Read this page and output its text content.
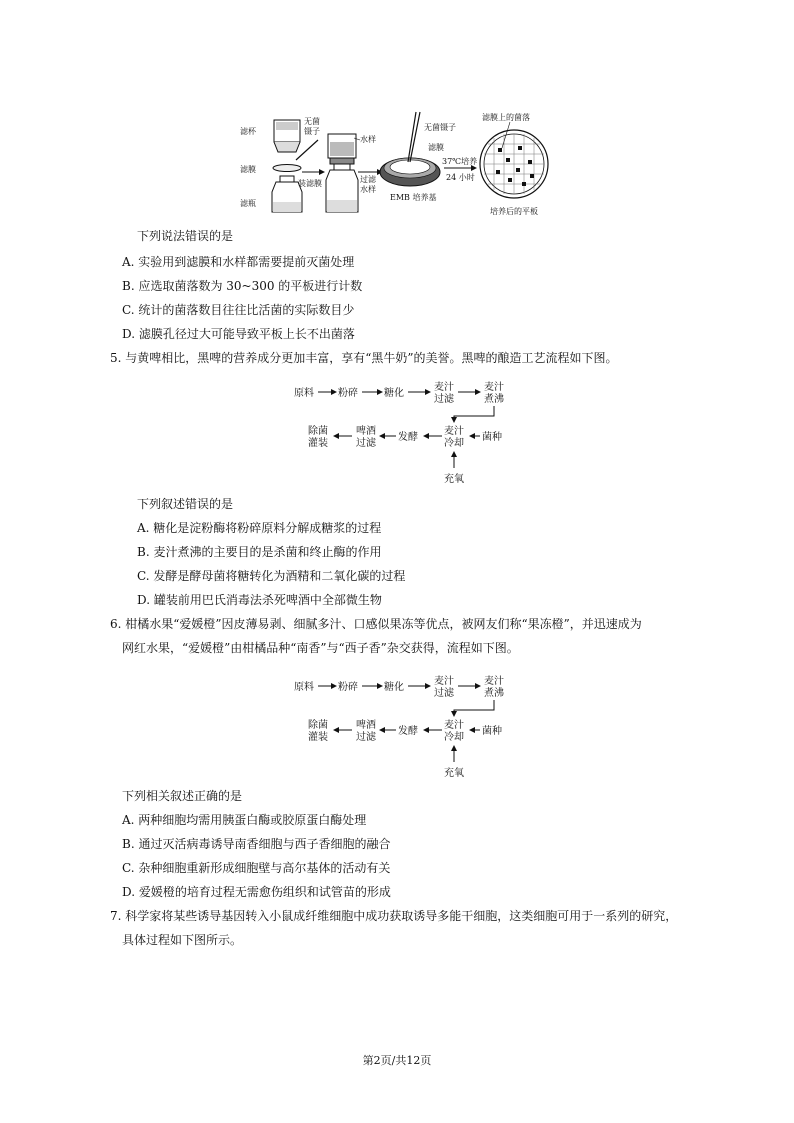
滤杯
滤膜
滤瓶
无菌
镊子
装滤膜
水样
过滤
水样
无菌镊子
滤膜
EMB 培养基
37℃培养
24 小时
滤膜上的菌落
培养后的平板
下列说法错误的是
A. 实验用到滤膜和水样都需要提前灭菌处理
B. 应选取菌落数为 30~300 的平板进行计数
C. 统计的菌落数目往往比活菌的实际数目少
D. 滤膜孔径过大可能导致平板上长不出菌落
5. 与黄啤相比，黑啤的营养成分更加丰富，享有“黑牛奶”的美誉。黑啤的酿造工艺流程如下图。
原料 粉碎	糖化
麦汁
过滤
麦汁
煮沸
麦汁
冷却
菌种
发酵
啤酒
过滤
除菌
灌装
充氧
下列叙述错误的是
A. 糖化是淀粉酶将粉碎原料分解成糖浆的过程
B. 麦汁煮沸的主要目的是杀菌和终止酶的作用
C. 发酵是酵母菌将糖转化为酒精和二氧化碳的过程
D. 罐装前用巴氏消毒法杀死啤酒中全部微生物
6. 柑橘水果“爱媛橙”因皮薄易剥、细腻多汁、口感似果冻等优点，被网友们称“果冻橙”，并迅速成为
网红水果，“爱媛橙”由柑橘品种“南香”与“西子香”杂交获得，流程如下图。
原料 粉碎	糖化
麦汁
过滤
麦汁
煮沸
麦汁
冷却
菌种
发酵
啤酒
过滤
除菌
灌装
充氧
下列相关叙述正确的是
A. 两种细胞均需用胰蛋白酶或胶原蛋白酶处理
B. 通过灭活病毒诱导南香细胞与西子香细胞的融合
C. 杂种细胞重新形成细胞壁与高尔基体的活动有关
D. 爱媛橙的培育过程无需愈伤组织和试管苗的形成
7. 科学家将某些诱导基因转入小鼠成纤维细胞中成功获取诱导多能干细胞，这类细胞可用于一系列的研究，
具体过程如下图所示。
第2页/共12页
